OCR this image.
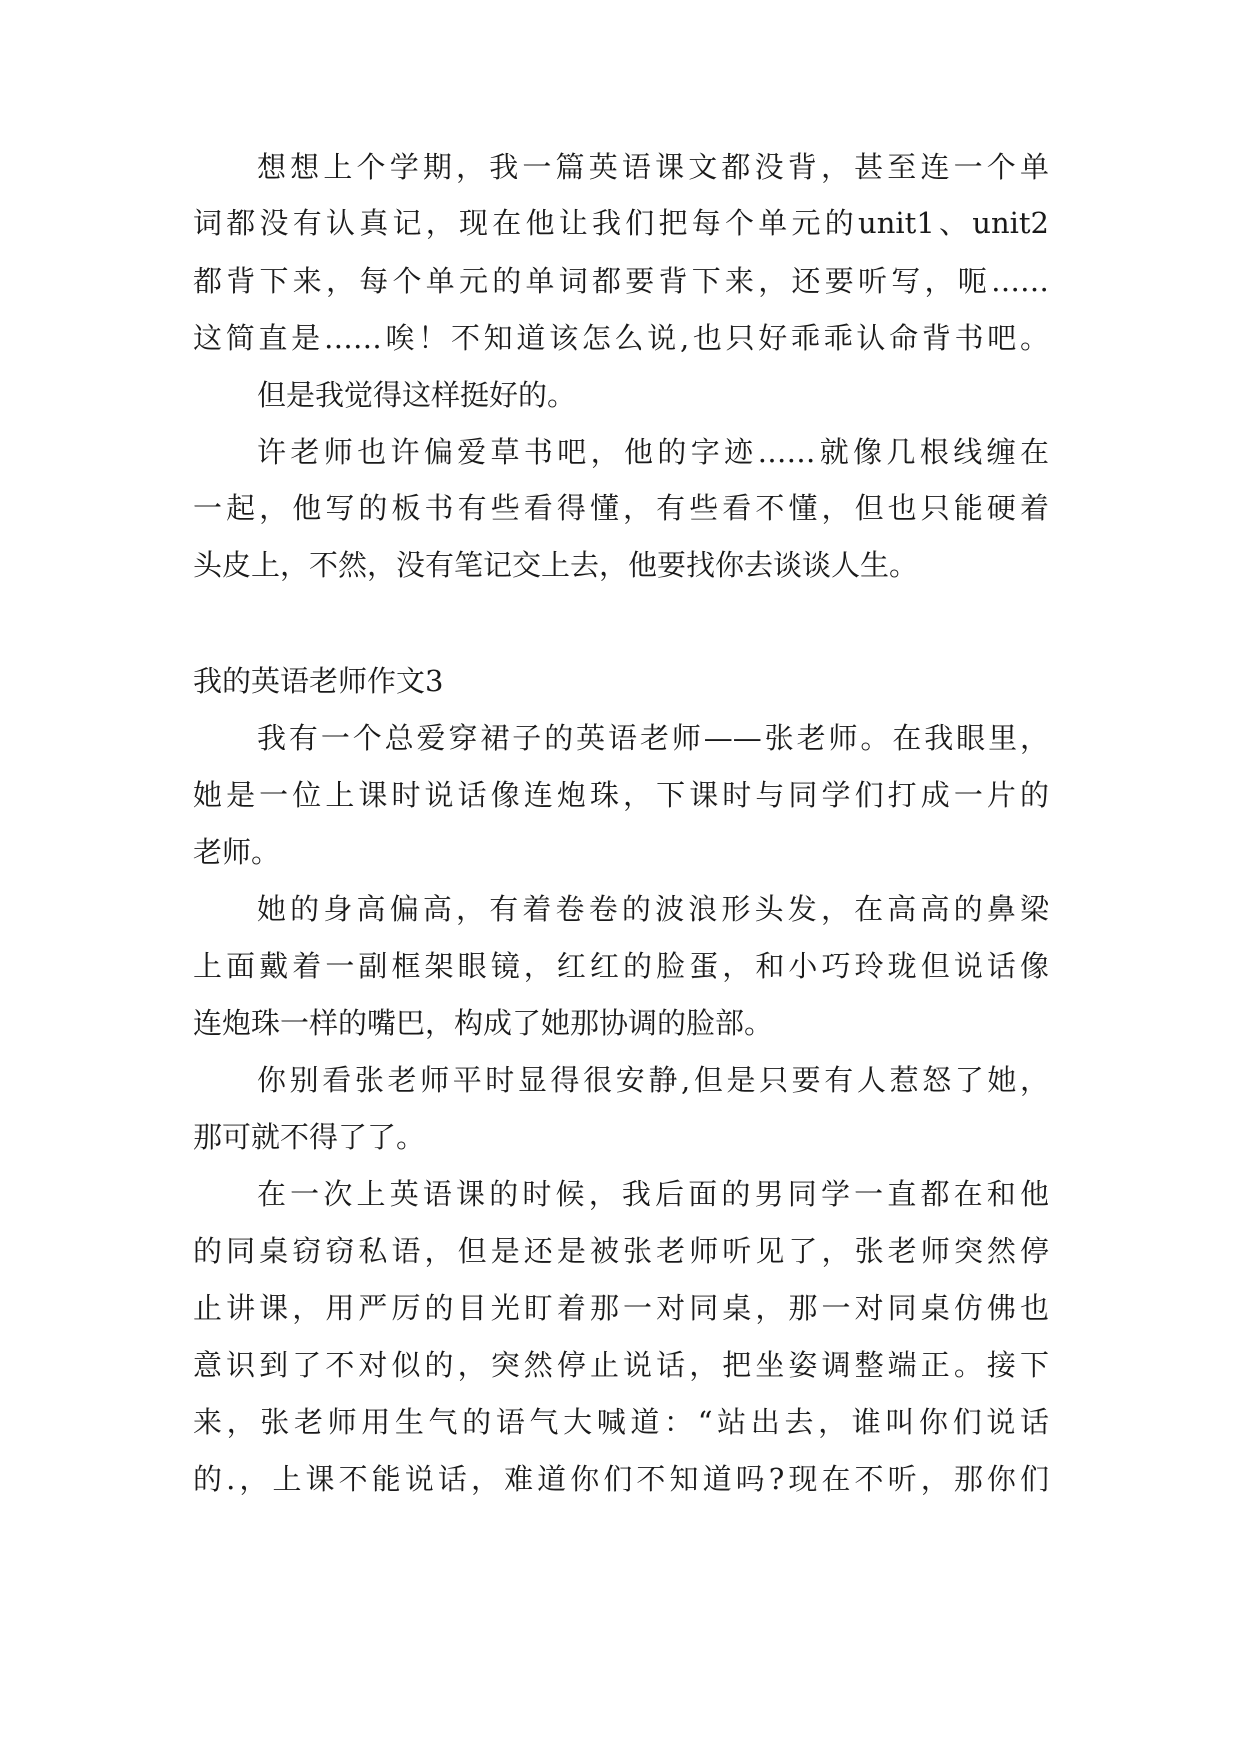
想想上个学期，我一篇英语课文都没背，甚至连一个单

词都没有认真记，现在他让我们把每个单元的unit1、unit2

都背下来，每个单元的单词都要背下来，还要听写，呃……

这简直是……唉！不知道该怎么说,也只好乖乖认命背书吧。

但是我觉得这样挺好的。

许老师也许偏爱草书吧，他的字迹……就像几根线缠在

一起，他写的板书有些看得懂，有些看不懂，但也只能硬着

头皮上，不然，没有笔记交上去，他要找你去谈谈人生。

我的英语老师作文3

我有一个总爱穿裙子的英语老师——张老师。在我眼里，

她是一位上课时说话像连炮珠，下课时与同学们打成一片的

老师。

她的身高偏高，有着卷卷的波浪形头发，在高高的鼻梁

上面戴着一副框架眼镜，红红的脸蛋，和小巧玲珑但说话像

连炮珠一样的嘴巴，构成了她那协调的脸部。

你别看张老师平时显得很安静,但是只要有人惹怒了她，

那可就不得了了。

在一次上英语课的时候，我后面的男同学一直都在和他

的同桌窃窃私语，但是还是被张老师听见了，张老师突然停

止讲课，用严厉的目光盯着那一对同桌，那一对同桌仿佛也

意识到了不对似的，突然停止说话，把坐姿调整端正。接下

来，张老师用生气的语气大喊道：“站出去，谁叫你们说话

的.，上课不能说话，难道你们不知道吗?现在不听，那你们
